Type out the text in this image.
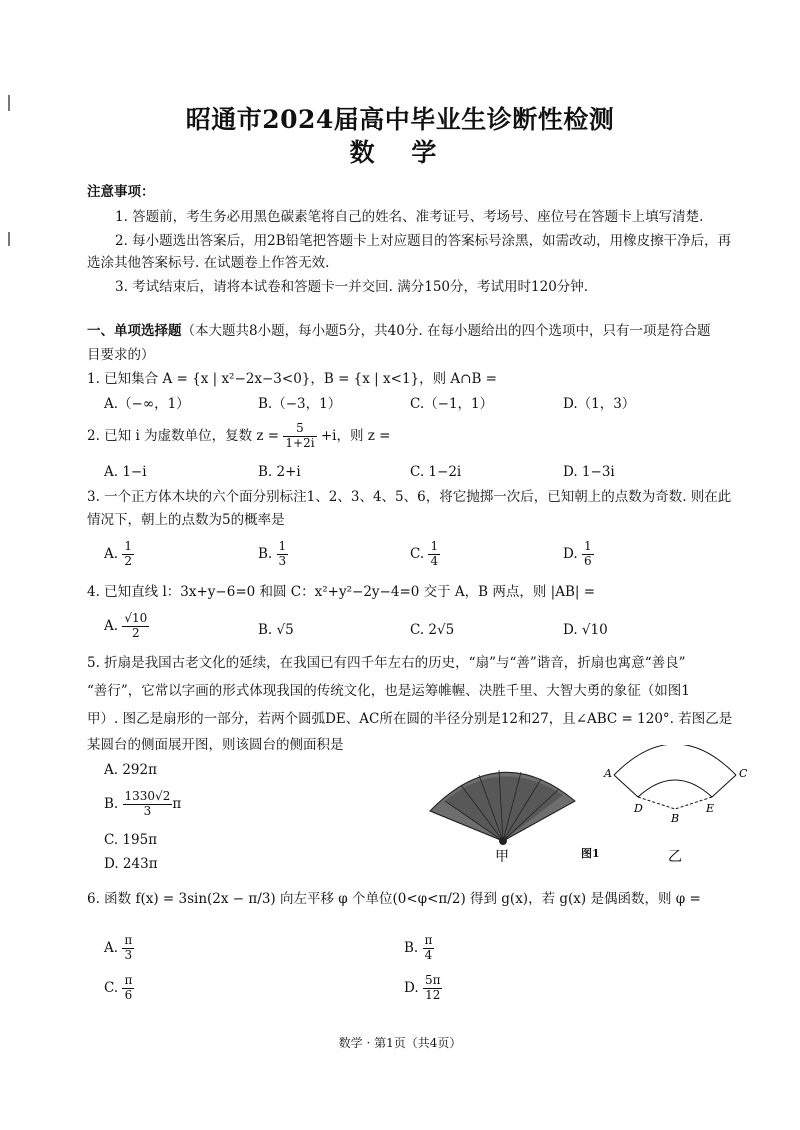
昭通市2024届高中毕业生诊断性检测
数 学
注意事项：
1. 答题前，考生务必用黑色碳素笔将自己的姓名、准考证号、考场号、座位号在答题卡上填写清楚.
2. 每小题选出答案后，用2B铅笔把答题卡上对应题目的答案标号涂黑，如需改动，用橡皮擦干净后，再
选涂其他答案标号. 在试题卷上作答无效.
3. 考试结束后，请将本试卷和答题卡一并交回. 满分150分，考试用时120分钟.
一、单项选择题（本大题共8小题，每小题5分，共40分. 在每小题给出的四个选项中，只有一项是符合题
目要求的）
1. 已知集合 A = {x | x²−2x−3<0}，B = {x | x<1}，则 A∩B =
A.（−∞，1）	B.（−3，1）	C.（−1，1）	D.（1，3）
2. 已知 i 为虚数单位，复数 $z = \frac{5}{1+2i} +i$，则 z =
A. 1−i	B. 2+i	C. 1−2i	D. 1−3i
3. 一个正方体木块的六个面分别标注1、2、3、4、5、6，将它抛掷一次后，已知朝上的点数为奇数. 则在此
情况下，朝上的点数为5的概率是
A. $\frac{1}{2}$	B. $\frac{1}{3}$	C. $\frac{1}{4}$	D. $\frac{1}{6}$
4. 已知直线 l：3x+y−6=0 和圆 C：x²+y²−2y−4=0 交于 A，B 两点，则 |AB| =
A. $\frac{√10}{2}$	B. √5	C. 2√5	D. √10
5. 折扇是我国古老文化的延续，在我国已有四千年左右的历史，“扇”与“善”谐音，折扇也寓意“善良”
“善行”，它常以字画的形式体现我国的传统文化，也是运筹帷幄、决胜千里、大智大勇的象征（如图1
甲）. 图乙是扇形的一部分，若两个圆弧DE、AC所在圆的半径分别是12和27，且∠ABC = 120°. 若图乙是
某圆台的侧面展开图，则该圆台的侧面积是
A. 292π
B. $\frac{1330√2}{3}$ π
C. 195π
D. 243π
A	C
D	E
B
甲	乙
图1
6. 函数 f(x) = 3sin(2x − π/3) 向左平移 φ 个单位(0<φ<π/2) 得到 g(x)，若 g(x) 是偶函数，则 φ =
A. $\frac{\pi}{3}$	B. $\frac{\pi}{4}$
C. $\frac{\pi}{6}$	D. $\frac{5\pi}{12}$
数学 · 第1页（共4页）
